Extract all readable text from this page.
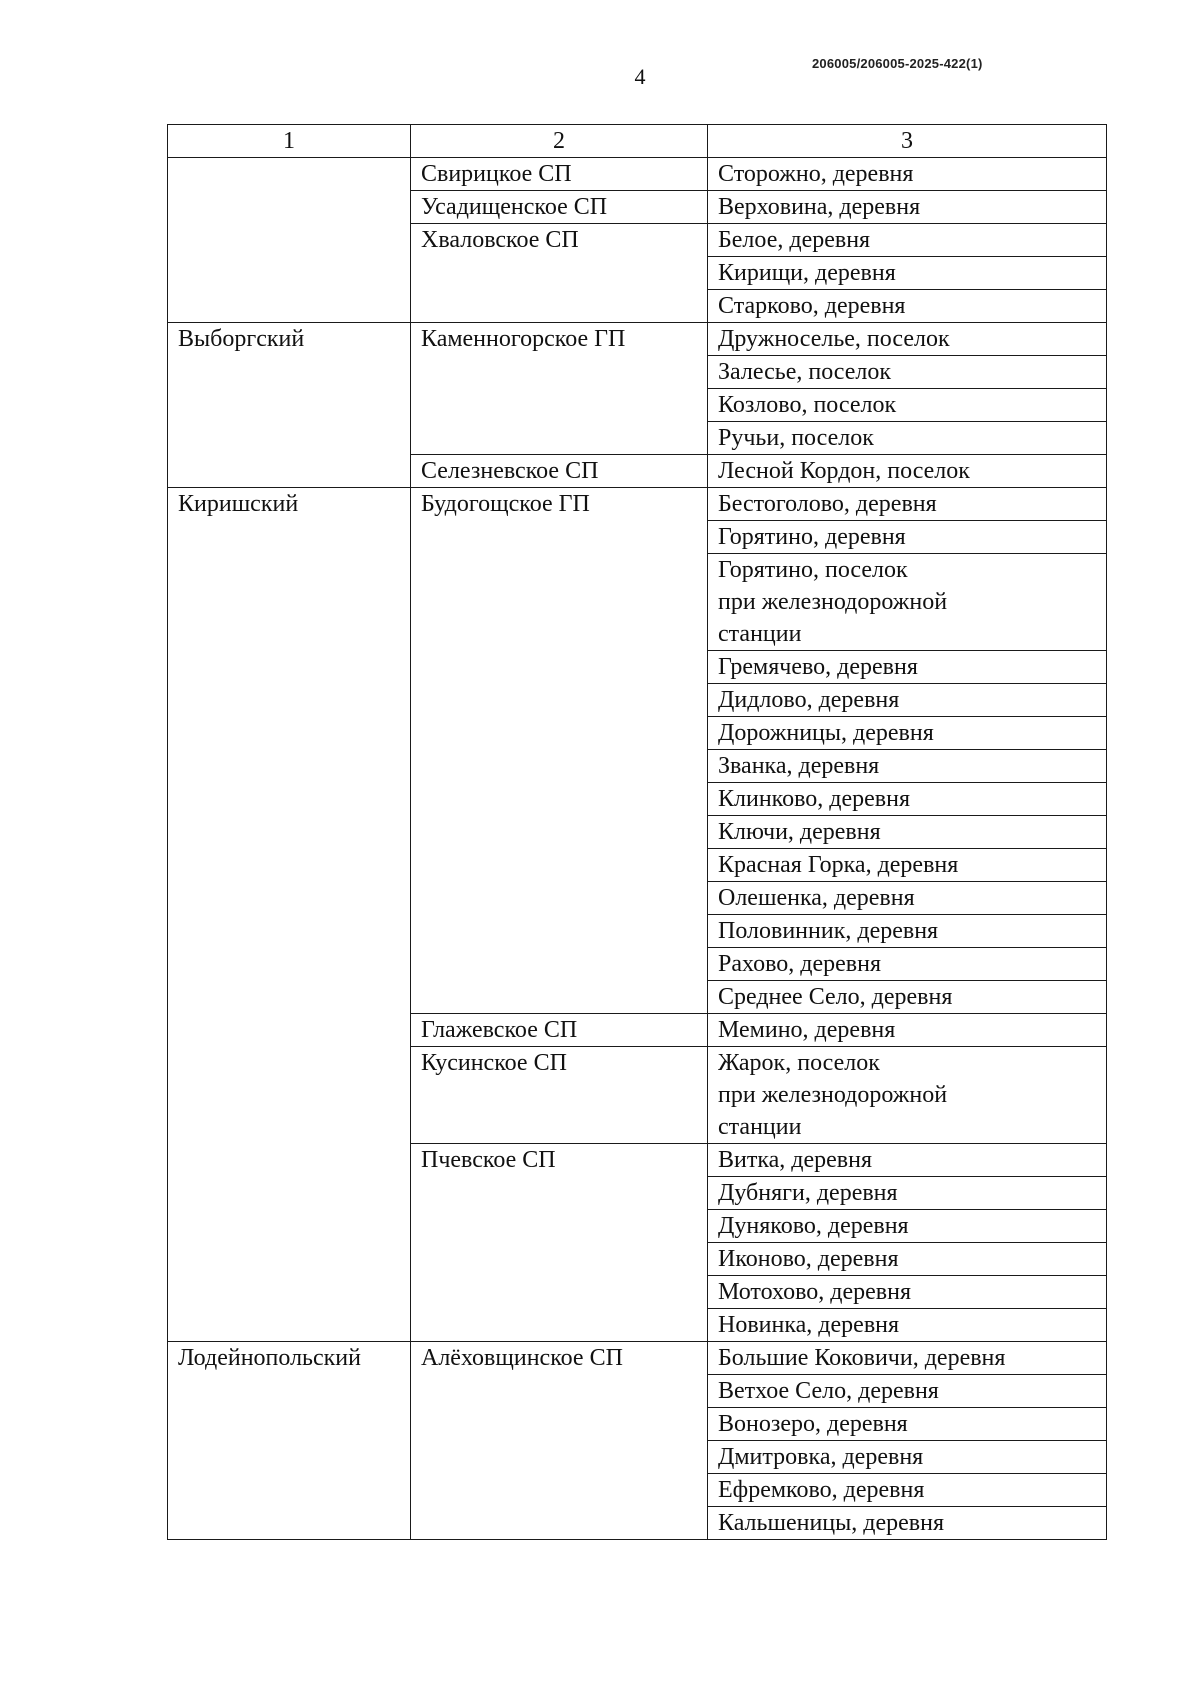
4
206005/206005-2025-422(1)
1	2	3
	Свирицкое СП	Сторожно, деревня
	Усадищенское СП	Верховина, деревня
	Хваловское СП	Белое, деревня
		Кирищи, деревня
		Старково, деревня
Выборгский	Каменногорское ГП	Дружноселье, поселок
		Залесье, поселок
		Козлово, поселок
		Ручьи, поселок
	Селезневское СП	Лесной Кордон, поселок
Киришский	Будогощское ГП	Бестоголово, деревня
		Горятино, деревня
		Горятино, поселок
при железнодорожной
станции
		Гремячево, деревня
		Дидлово, деревня
		Дорожницы, деревня
		Званка, деревня
		Клинково, деревня
		Ключи, деревня
		Красная Горка, деревня
		Олешенка, деревня
		Половинник, деревня
		Рахово, деревня
		Среднее Село, деревня
	Глажевское СП	Мемино, деревня
	Кусинское СП	Жарок, поселок
при железнодорожной
станции
	Пчевское СП	Витка, деревня
		Дубняги, деревня
		Дуняково, деревня
		Иконово, деревня
		Мотохово, деревня
		Новинка, деревня
Лодейнопольский	Алёховщинское СП	Большие Коковичи, деревня
		Ветхое Село, деревня
		Вонозеро, деревня
		Дмитровка, деревня
		Ефремково, деревня
		Кальшеницы, деревня
